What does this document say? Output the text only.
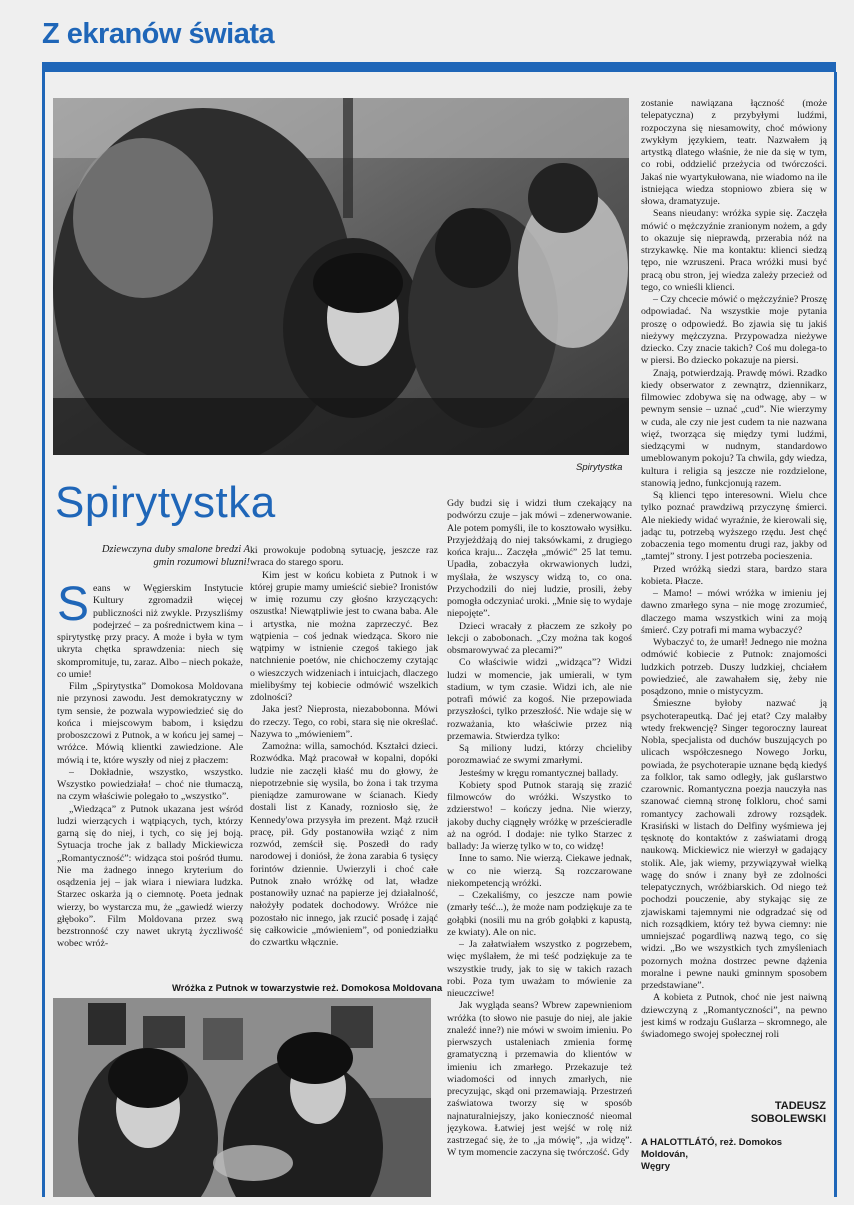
Z ekranów świata
Spirytystka
Spirytystka
Dziewczyna duby smalone bredzi A gmin rozumowi bluzni!
S eans w Węgierskim Instytucie Kultury zgromadził więcej publiczności niż zwykle. Przyszliśmy podejrzeć – za pośrednictwem kina – spirytystkę przy pracy. A może i była w tym ukryta chętka sprawdzenia: niech się skompromituje, tu, zaraz. Albo – niech pokaże, co umie!

Film „Spirytystka” Domokosa Moldovana nie przynosi zawodu. Jest demokratyczny w tym sensie, że pozwala wypowiedzieć się do końca i miejscowym babom, i księdzu proboszczowi z Putnok, a w końcu jej samej – wróżce. Mówią klientki zawiedzione. Ale mówią i te, które wyszły od niej z płaczem:

– Dokładnie, wszystko, wszystko. Wszystko powiedziała! – choć nie tłumaczą, na czym właściwie polegało to „wszystko”.

„Wiedząca” z Putnok ukazana jest wśród ludzi wierzących i wątpiących, tych, którzy garną się do niej, i tych, co się jej boją. Sytuacja troche jak z ballady Mickiewicza „Romantyczność”: widząca stoi pośród tłumu. Nie ma żadnego innego kryterium do osądzenia jej – jak wiara i niewiara ludzka. Starzec oskarża ją o ciemnotę. Poeta jednak wierzy, bo wystarcza mu, że „gawiedź wierzy głęboko”. Film Moldovana przez swą bezstronność czy nawet ukrytą życzliwość wobec wróż-

ki prowokuje podobną sytuację, jeszcze raz wraca do starego sporu.

Kim jest w końcu kobieta z Putnok i w której grupie mamy umieścić siebie? Ironistów w imię rozumu czy głośno krzyczących: oszustka! Niewątpliwie jest to cwana baba. Ale i artystka, nie można zaprzeczyć. Bez wątpienia – coś jednak wiedząca. Skoro nie wątpimy w istnienie czegoś takiego jak natchnienie poetów, nie chichoczemy czytając o wieszczych widzeniach i intuicjach, dlaczego mielibyśmy tej kobiecie odmówić wszelkich zdolności?

Jaka jest? Nieprosta, niezabobonna. Mówi do rzeczy. Tego, co robi, stara się nie określać. Nazywa to „mówieniem”.

Zamożna: willa, samochód. Kształci dzieci. Rozwódka. Mąż pracował w kopalni, dopóki ludzie nie zaczęli kłaść mu do głowy, że niepotrzebnie się wysila, bo żona i tak trzyma pieniądze zamurowane w ścianach. Kiedy dostali list z Kanady, rozniosło się, że Kennedy'owa przysyła im prezent. Mąż rzucił pracę, pił. Gdy postanowiła wziąć z nim rozwód, zemścił się. Poszedł do rady narodowej i doniósł, że żona zarabia 6 tysięcy forintów dziennie. Uwierzyli i choć całe Putnok znało wróżkę od lat, władze postanowiły uznać na papierze jej działalność, nałożyły podatek dochodowy. Wróżce nie pozostało nic innego, jak rzucić posadę i zająć się całkowicie „mówieniem”, od poniedziałku do czwartku włącznie.

Wróżka z Putnok w towarzystwie reż. Domokosa Moldovana

Gdy budzi się i widzi tłum czekający na podwórzu czuje – jak mówi – zdenerwowanie. Ale potem pomyśli, ile to kosztowało wysiłku. Przyjeżdżają do niej taksówkami, z drugiego końca kraju... Zaczęła „mówić” 25 lat temu. Upadła, zobaczyła okrwawionych ludzi, myślała, że wszyscy widzą to, co ona. Przychodzili do niej ludzie, prosili, żeby pomogła odczyniać uroki. „Mnie się to wydaje niepojęte”.

Dzieci wracały z płaczem ze szkoły po lekcji o zabobonach. „Czy można tak kogoś obsmarowywać za plecami?”

Co właściwie widzi „widząca”? Widzi ludzi w momencie, jak umierali, w tym stadium, w tym czasie. Widzi ich, ale nie potrafi mówić za kogoś. Nie przepowiada przyszłości, tylko przeszłość. Nie wdaje się w rozważania, kto właściwie przez nią przemawia. Stwierdza tylko:

Są miliony ludzi, którzy chcieliby porozmawiać ze swymi zmarłymi.

Jesteśmy w kręgu romantycznej ballady.

Kobiety spod Putnok starają się zrazić filmowców do wróżki. Wszystko to zdzierstwo! – kończy jedna. Nie wierzy, jakoby duchy ciągnęły wróżkę w prześcieradle aż na ogród. I dodaje: nie tylko Starzec z ballady: Ja wierzę tylko w to, co widzę!

Inne to samo. Nie wierzą. Ciekawe jednak, w co nie wierzą. Są rozczarowane niekompetencją wróżki.

– Czekaliśmy, co jeszcze nam powie (zmarły teść...), że może nam podziękuje za te gołąbki (nosili mu na grób gołąbki z kapustą, ze kwiaty). Ale on nic.

– Ja załatwiałem wszystko z pogrzebem, więc myślałem, że mi teść podziękuje za te wszystkie trudy, jak to się w takich razach robi. Poza tym uważam to mówienie za nieuczciwe!

Jak wygląda seans? Wbrew zapewnieniom wróżka (to słowo nie pasuje do niej, ale jakie znaleźć inne?) nie mówi w swoim imieniu. Po pierwszych ustaleniach zmienia formę gramatyczną i przemawia do klientów w imieniu ich zmarłego. Przekazuje też wiadomości od innych zmarłych, nie precyzując, skąd oni przemawiają. Przestrzeń zaświatowa tworzy się w sposób najnaturalniejszy, jako konieczność nieomal językowa. Łatwiej jest wejść w rolę niż zastrzegać się, że to „ja mówię”, „ja widzę”. W tym momencie zaczyna się twórczość. Gdy

zostanie nawiązana łączność (może telepatyczna) z przybyłymi ludźmi, rozpoczyna się niesamowity, choć mówiony zwykłym językiem, teatr. Nazwałem ją artystką dlatego właśnie, że nie da się w tym, co robi, oddzielić przeżycia od twórczości. Jakaś nie wyartykułowana, nie wiadomo na ile istniejąca wiedza stopniowo zbiera się w słowa, dramatyzuje.

Seans nieudany: wróżka sypie się. Zaczęła mówić o mężczyźnie zranionym nożem, a gdy to okazuje się nieprawdą, przerabia nóż na strzykawkę. Nie ma kontaktu: klienci siedzą tępo, nie wzruszeni. Praca wróżki musi być pracą obu stron, jej wiedza zależy przecież od tego, co wnieśli klienci.

– Czy chcecie mówić o mężczyźnie? Proszę odpowiadać. Na wszystkie moje pytania proszę o odpowiedź. Bo zjawia się tu jakiś nieżywy mężczyzna. Przypowadza nieżywe dziecko. Czy znacie takich? Coś mu dolega-to w piersi. Bo dziecko pokazuje na piersi.

Znają, potwierdzają. Prawdę mówi. Rzadko kiedy obserwator z zewnątrz, dziennikarz, filmowiec zdobywa się na odwagę, aby – w pewnym sensie – uznać „cud”. Nie wierzymy w cuda, ale czy nie jest cudem ta nie nazwana więź, tworząca się między tymi ludźmi, siedzącymi w nudnym, standardowo umeblowanym pokoju? Ta chwila, gdy wiedza, kultura i religia są jeszcze nie rozdzielone, stanowią jedno, funkcjonują razem.

Są klienci tępo interesowni. Wielu chce tylko poznać prawdziwą przyczynę śmierci. Ale niekiedy widać wyraźnie, że kierowali się, jadąc tu, potrzebą wyższego rzędu. Jest chęć zobaczenia tego momentu drugi raz, jakby od „tamtej” strony. I jest potrzeba pocieszenia.

Przed wróżką siedzi stara, bardzo stara kobieta. Płacze.

– Mamo! – mówi wróżka w imieniu jej dawno zmarłego syna – nie mogę zrozumieć, dlaczego mama wszystkich wini za moją śmierć. Czy potrafi mi mama wybaczyć?

Wybaczyć to, że umarł! Jednego nie można odmówić kobiecie z Putnok: znajomości ludzkich potrzeb. Duszy ludzkiej, chciałem powiedzieć, ale zawahałem się, żeby nie posądzono, mnie o mistycyzm.

Śmieszne byłoby nazwać ją psychoterapeutką. Dać jej etat? Czy malałby wtedy frekwencję? Singer tegoroczny laureat Nobla, specjalista od duchów buszujących po ulicach współczesnego Nowego Jorku, powiada, że psychoterapie uznane będą kiedyś za folklor, tak samo odległy, jak guślarstwo czarownic. Romantyczna poezja nauczyła nas szanować ciemną stronę folkloru, choć sami romantycy zachowali zdrowy rozsądek. Krasiński w listach do Delfiny wyśmiewa jej tęsknotę do kontaktów z zaświatami drogą naukową. Mickiewicz nie wierzył w gadający stolik. Ale, jak wiemy, przywiązywał wielką wagę do snów i znany był ze zdolności telepatycznych, wróżbiarskich. Od niego też pochodzi pouczenie, aby stykając się ze zjawiskami tajemnymi nie odgradzać się od nich rozsądkiem, który też bywa ciemny: nie umniejszać pogardliwą nazwą tego, co się widzi. „Bo we wszystkich tych zmyśleniach pozornych można dostrzec pewne dążenia moralne i pewne nauki gminnym sposobem przedstawiane”.

A kobieta z Putnok, choć nie jest naiwną dziewczyną z „Romantyczności”, na pewno jest kimś w rodzaju Guślarza – skromnego, ale świadomego swojej społecznej roli

TADEUSZ
SOBOLEWSKI
A HALOTTLÁTÓ, reż. Domokos Moldován,
Węgry
